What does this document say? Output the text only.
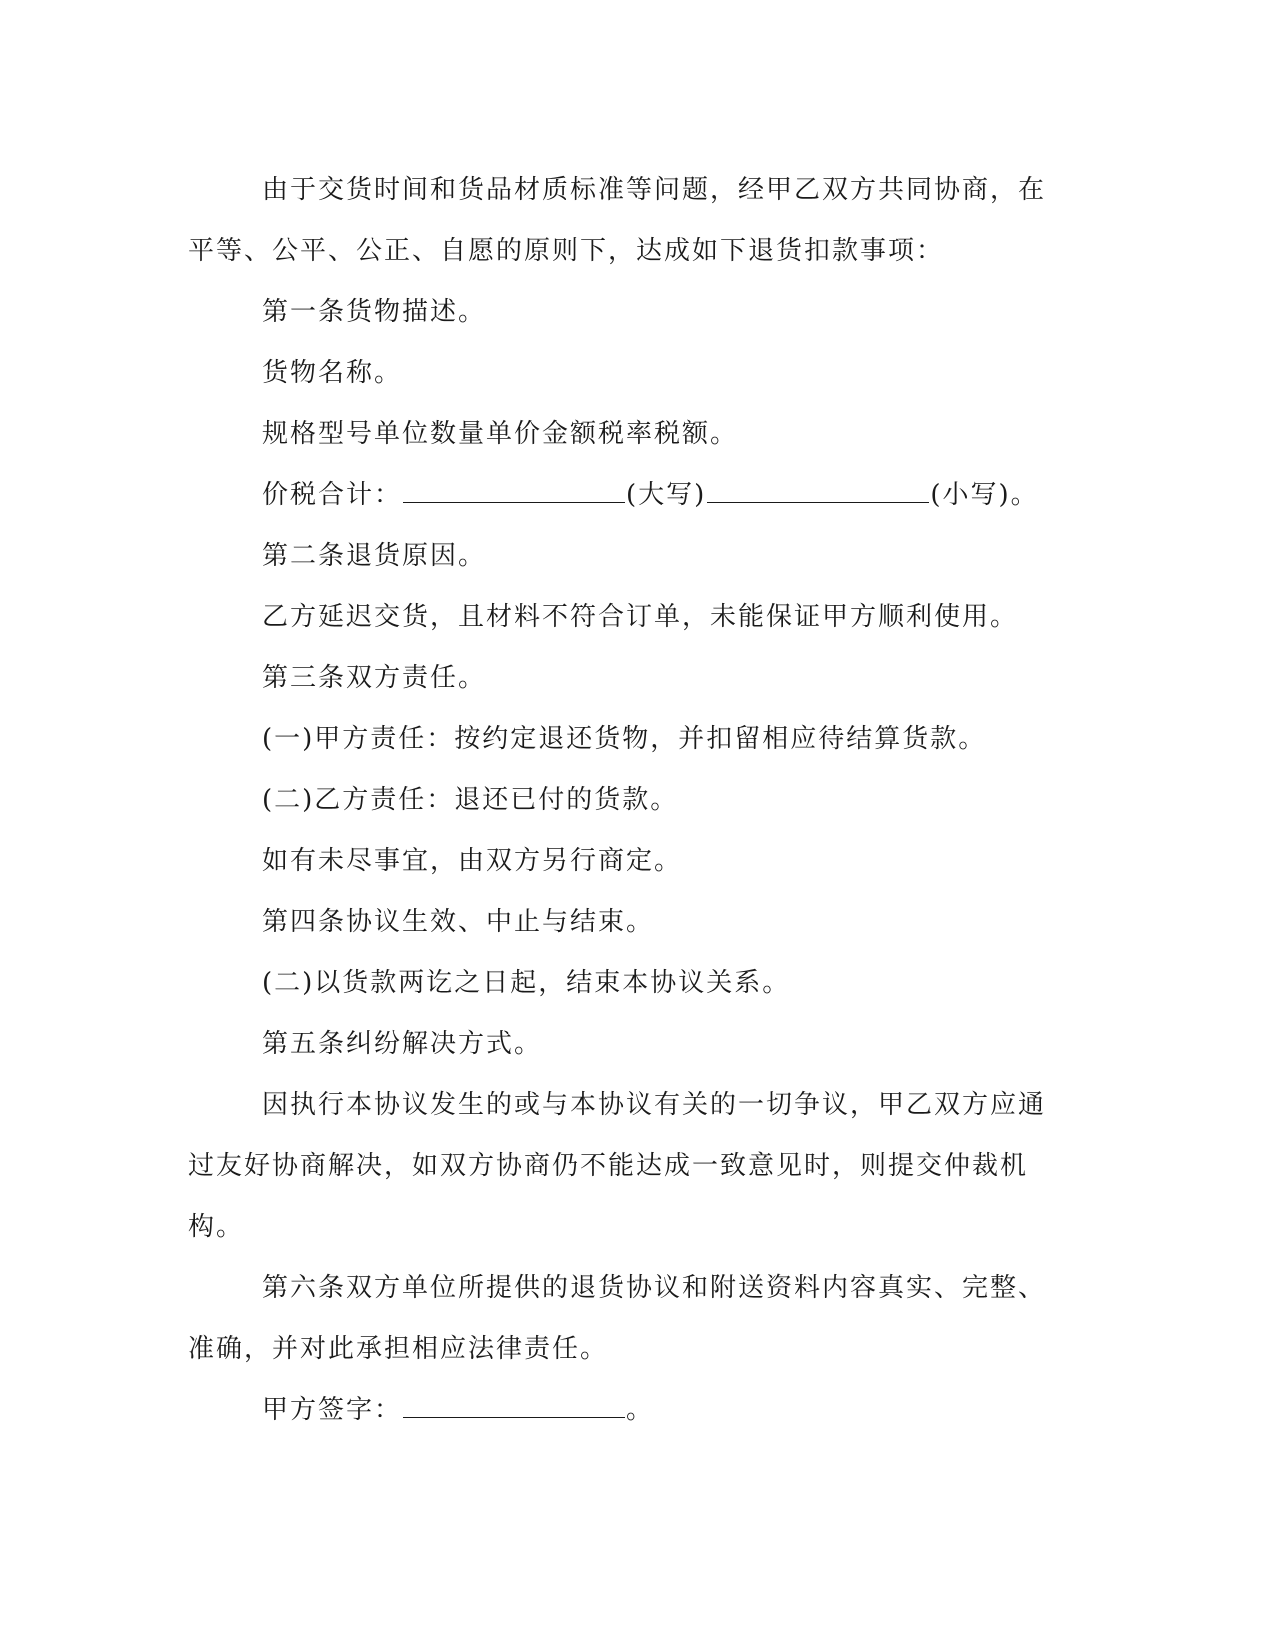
由于交货时间和货品材质标准等问题，经甲乙双方共同协商，在平等、公平、公正、自愿的原则下，达成如下退货扣款事项：

第一条货物描述。

货物名称。

规格型号单位数量单价金额税率税额。

价税合计：	(大写)	(小写)。

第二条退货原因。

乙方延迟交货，且材料不符合订单，未能保证甲方顺利使用。

第三条双方责任。

(一)甲方责任：按约定退还货物，并扣留相应待结算货款。

(二)乙方责任：退还已付的货款。

如有未尽事宜，由双方另行商定。

第四条协议生效、中止与结束。

(二)以货款两讫之日起，结束本协议关系。

第五条纠纷解决方式。

因执行本协议发生的或与本协议有关的一切争议，甲乙双方应通过友好协商解决，如双方协商仍不能达成一致意见时，则提交仲裁机构。

第六条双方单位所提供的退货协议和附送资料内容真实、完整、准确，并对此承担相应法律责任。

甲方签字：	。
